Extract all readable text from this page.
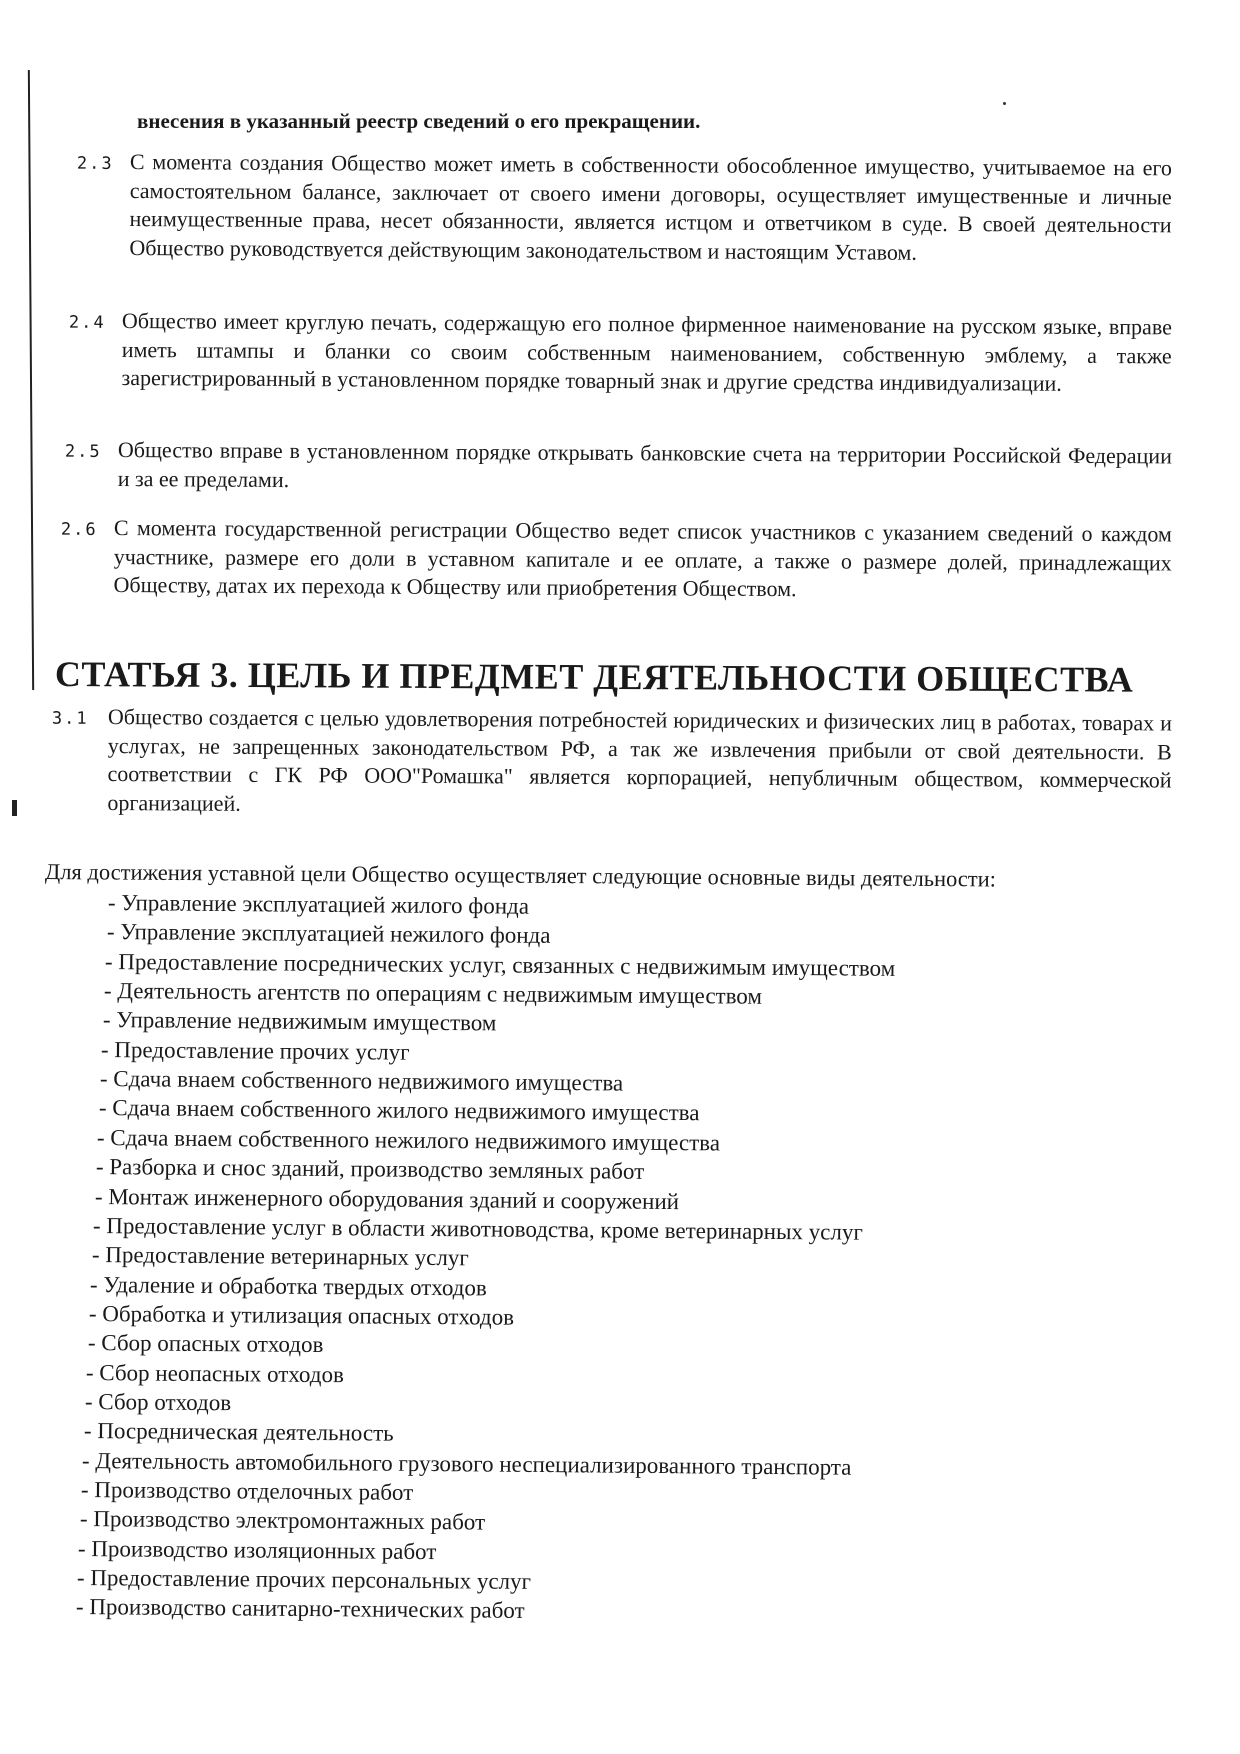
внесения в указанный реестр сведений о его прекращении.
2.3 С момента создания Общество может иметь в собственности обособленное имущество, учитываемое на его самостоятельном балансе, заключает от своего имени договоры, осуществляет имущественные и личные неимущественные права, несет обязанности, является истцом и ответчиком в суде. В своей деятельности Общество руководствуется действующим законодательством и настоящим Уставом.
2.4 Общество имеет круглую печать, содержащую его полное фирменное наименование на русском языке, вправе иметь штампы и бланки со своим собственным наименованием, собственную эмблему, а также зарегистрированный в установленном порядке товарный знак и другие средства индивидуализации.
2.5 Общество вправе в установленном порядке открывать банковские счета на территории Российской Федерации и за ее пределами.
2.6 С момента государственной регистрации Общество ведет список участников с указанием сведений о каждом участнике, размере его доли в уставном капитале и ее оплате, а также о размере долей, принадлежащих Обществу, датах их перехода к Обществу или приобретения Обществом.
СТАТЬЯ 3. ЦЕЛЬ И ПРЕДМЕТ ДЕЯТЕЛЬНОСТИ ОБЩЕСТВА
3.1 Общество создается с целью удовлетворения потребностей юридических и физических лиц в работах, товарах и услугах, не запрещенных законодательством РФ, а так же извлечения прибыли от свой деятельности. В соответствии с ГК РФ ООО"Ромашка" является корпорацией, непубличным обществом, коммерческой организацией.
Для достижения уставной цели Общество осуществляет следующие основные виды деятельности:
- Управление эксплуатацией жилого фонда
- Управление эксплуатацией нежилого фонда
- Предоставление посреднических услуг, связанных с недвижимым имуществом
- Деятельность агентств по операциям с недвижимым имуществом
- Управление недвижимым имуществом
- Предоставление прочих услуг
- Сдача внаем собственного недвижимого имущества
- Сдача внаем собственного жилого недвижимого имущества
- Сдача внаем собственного нежилого недвижимого имущества
- Разборка и снос зданий, производство земляных работ
- Монтаж инженерного оборудования зданий и сооружений
- Предоставление услуг в области животноводства, кроме ветеринарных услуг
- Предоставление ветеринарных услуг
- Удаление и обработка твердых отходов
- Обработка и утилизация опасных отходов
- Сбор опасных отходов
- Сбор неопасных отходов
- Сбор отходов
- Посредническая деятельность
- Деятельность автомобильного грузового неспециализированного транспорта
- Производство отделочных работ
- Производство электромонтажных работ
- Производство изоляционных работ
- Предоставление прочих персональных услуг
- Производство санитарно-технических работ
